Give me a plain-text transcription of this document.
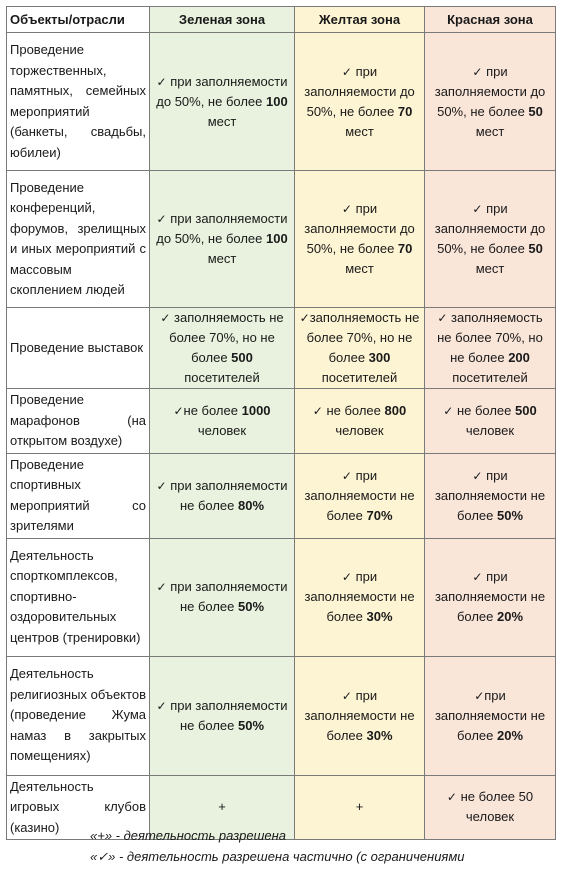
Объекты/отрасли	Зеленая зона	Желтая зона	Красная зона
Проведение торжественных, памятных, семейных мероприятий (банкеты, свадьбы, юбилеи)	✓ при заполняемости до 50%, не более 100 мест	✓ при заполняемости до 50%, не более 70 мест	✓ при заполняемости до 50%, не более 50 мест
Проведение конференций, форумов, зрелищных и иных мероприятий с массовым скоплением людей	✓ при заполняемости до 50%, не более 100 мест	✓ при заполняемости до 50%, не более 70 мест	✓ при заполняемости до 50%, не более 50 мест
Проведение выставок	✓ заполняемость не более 70%, но не более 500 посетителей	✓заполняемость не более 70%, но не более 300 посетителей	✓ заполняемость не более 70%, но не более 200 посетителей
Проведение марафонов (на открытом воздухе)	✓не более 1000 человек	✓ не более 800 человек	✓ не более 500 человек
Проведение спортивных мероприятий со зрителями	✓ при заполняемости не более 80%	✓ при заполняемости не более 70%	✓ при заполняемости не более 50%
Деятельность спорткомплексов, спортивно-оздоровительных центров (тренировки)	✓ при заполняемости не более 50%	✓ при заполняемости не более 30%	✓ при заполняемости не более 20%
Деятельность религиозных объектов (проведение Жума намаз в закрытых помещениях)	✓ при заполняемости не более 50%	✓ при заполняемости не более 30%	✓при заполняемости не более 20%
Деятельность игровых клубов (казино)	+	+	✓ не более 50 человек
«+» - деятельность разрешена
«✓» - деятельность разрешена частично (с ограничениями
